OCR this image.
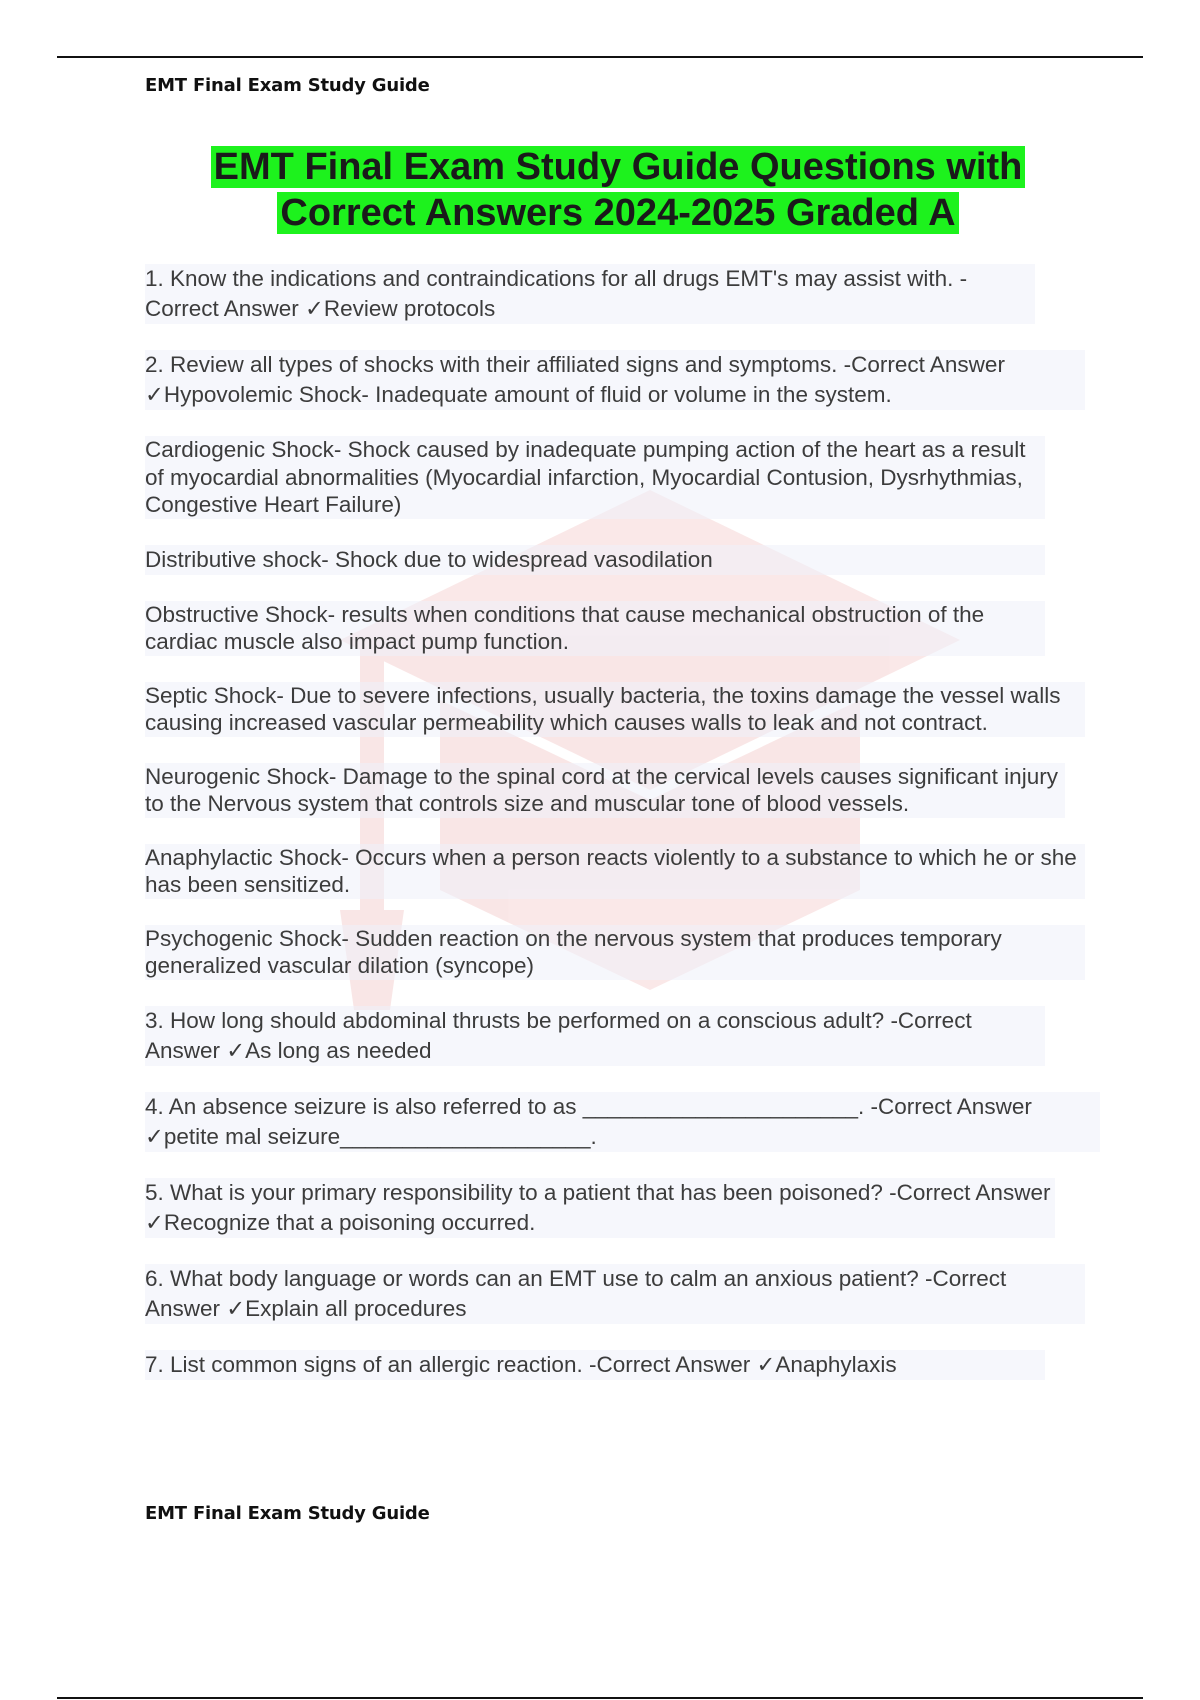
EMT Final Exam Study Guide
EMT Final Exam Study Guide Questions with
Correct Answers 2024-2025 Graded A

1. Know the indications and contraindications for all drugs EMT's may assist with. -Correct Answer ✓Review protocols

2. Review all types of shocks with their affiliated signs and symptoms. -Correct Answer ✓Hypovolemic Shock- Inadequate amount of fluid or volume in the system.

Cardiogenic Shock- Shock caused by inadequate pumping action of the heart as a result of myocardial abnormalities (Myocardial infarction, Myocardial Contusion, Dysrhythmias, Congestive Heart Failure)

Distributive shock- Shock due to widespread vasodilation

Obstructive Shock- results when conditions that cause mechanical obstruction of the cardiac muscle also impact pump function.

Septic Shock- Due to severe infections, usually bacteria, the toxins damage the vessel walls causing increased vascular permeability which causes walls to leak and not contract.

Neurogenic Shock- Damage to the spinal cord at the cervical levels causes significant injury to the Nervous system that controls size and muscular tone of blood vessels.

Anaphylactic Shock- Occurs when a person reacts violently to a substance to which he or she has been sensitized.

Psychogenic Shock- Sudden reaction on the nervous system that produces temporary generalized vascular dilation (syncope)

3. How long should abdominal thrusts be performed on a conscious adult? -Correct Answer ✓As long as needed

4. An absence seizure is also referred to as ______________________. -Correct Answer ✓petite mal seizure____________________.

5. What is your primary responsibility to a patient that has been poisoned? -Correct Answer ✓Recognize that a poisoning occurred.

6. What body language or words can an EMT use to calm an anxious patient? -Correct Answer ✓Explain all procedures

7. List common signs of an allergic reaction. -Correct Answer ✓Anaphylaxis

EMT Final Exam Study Guide
